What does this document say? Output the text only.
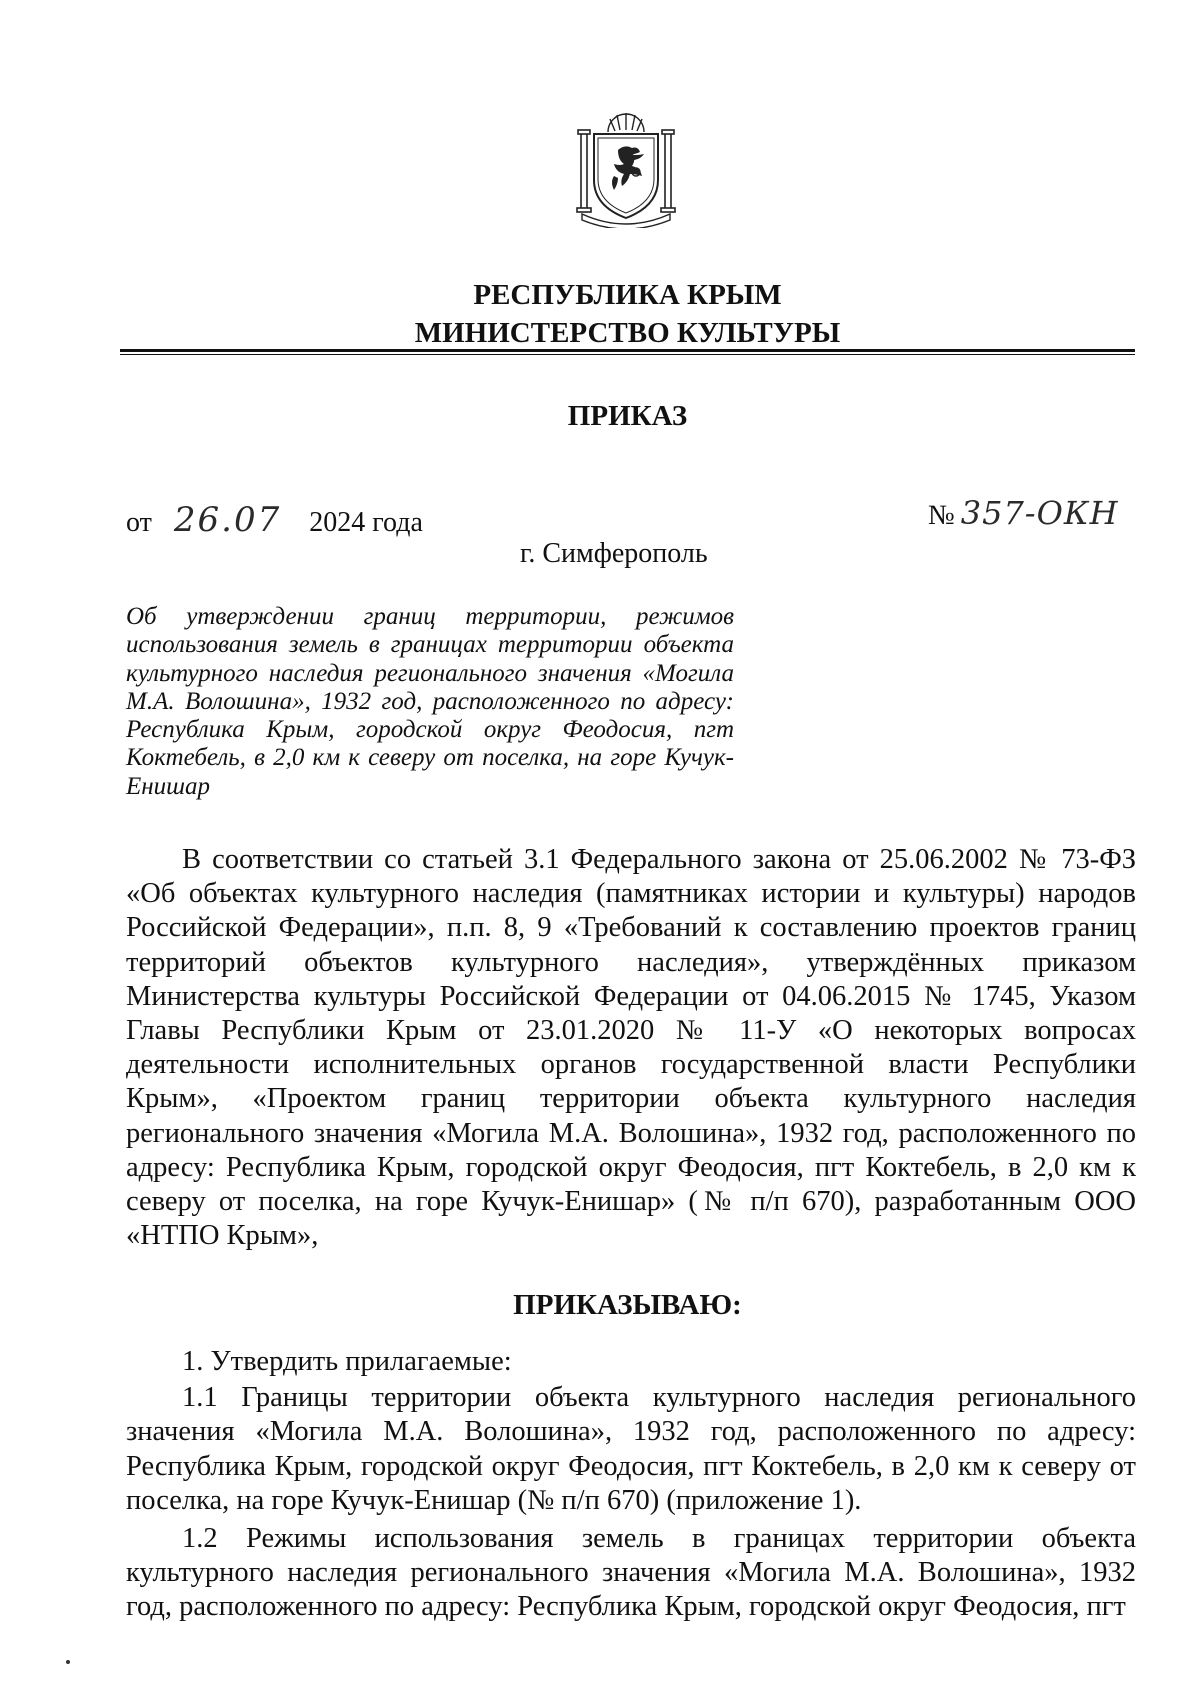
РЕСПУБЛИКА КРЫМ
МИНИСТЕРСТВО КУЛЬТУРЫ
ПРИКАЗ
от 26.07 2024 года	№ 357-ОКН
г. Симферополь
Об утверждении границ территории, режимов использования земель в границах территории объекта культурного наследия регионального значения «Могила М.А. Волошина», 1932 год, расположенного по адресу: Республика Крым, городской округ Феодосия, пгт Коктебель, в 2,0 км к северу от поселка, на горе Кучук-Енишар

В соответствии со статьей 3.1 Федерального закона от 25.06.2002 № 73-ФЗ «Об объектах культурного наследия (памятниках истории и культуры) народов Российской Федерации», п.п. 8, 9 «Требований к составлению проектов границ территорий объектов культурного наследия», утверждённых приказом Министерства культуры Российской Федерации от 04.06.2015 № 1745, Указом Главы Республики Крым от 23.01.2020 № 11-У «О некоторых вопросах деятельности исполнительных органов государственной власти Республики Крым», «Проектом границ территории объекта культурного наследия регионального значения «Могила М.А. Волошина», 1932 год, расположенного по адресу: Республика Крым, городской округ Феодосия, пгт Коктебель, в 2,0 км к северу от поселка, на горе Кучук-Енишар» (№ п/п 670), разработанным ООО «НТПО Крым»,

ПРИКАЗЫВАЮ:

1. Утвердить прилагаемые:

1.1 Границы территории объекта культурного наследия регионального значения «Могила М.А. Волошина», 1932 год, расположенного по адресу: Республика Крым, городской округ Феодосия, пгт Коктебель, в 2,0 км к северу от поселка, на горе Кучук-Енишар (№ п/п 670) (приложение 1).

1.2 Режимы использования земель в границах территории объекта культурного наследия регионального значения «Могила М.А. Волошина», 1932 год, расположенного по адресу: Республика Крым, городской округ Феодосия, пгт
